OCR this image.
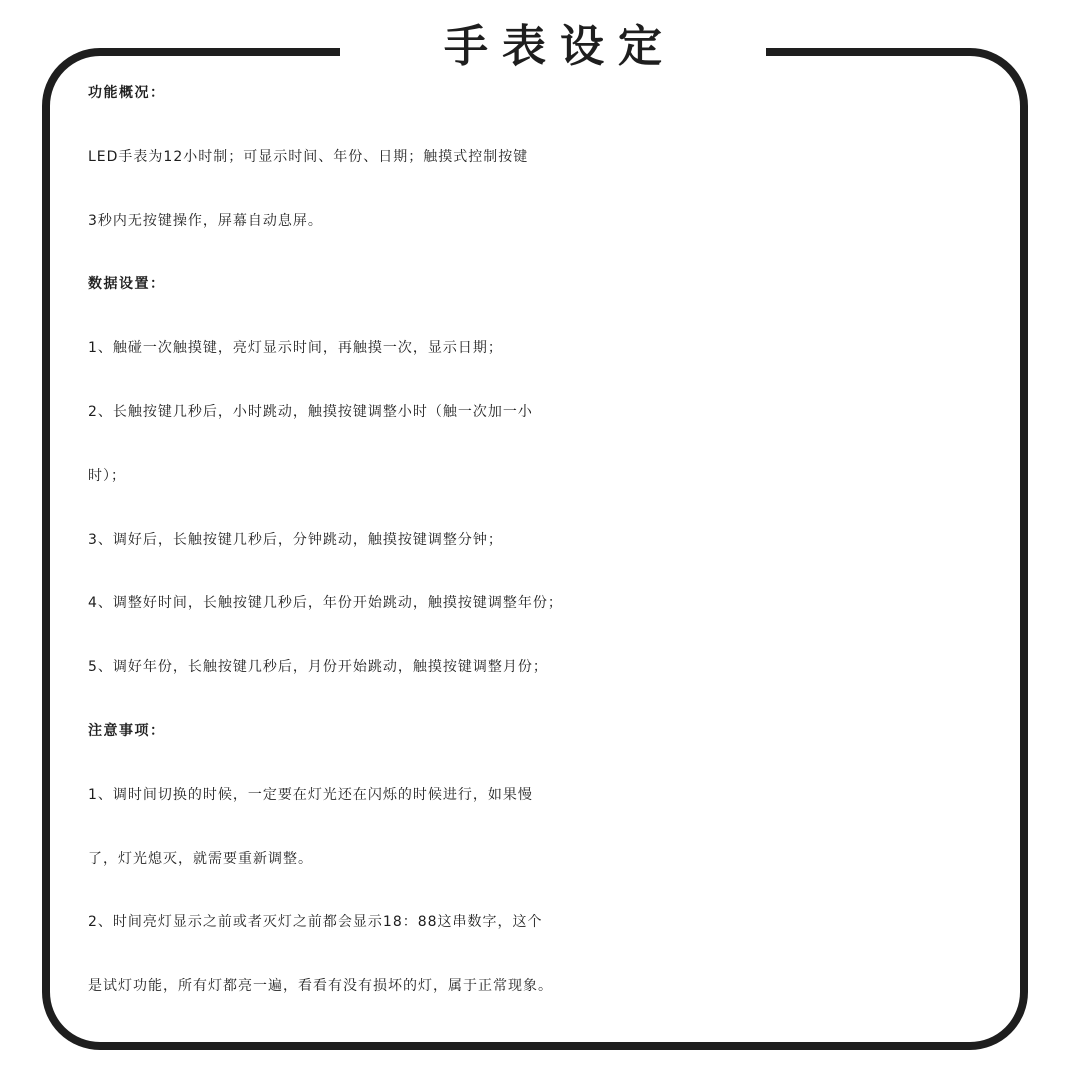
手表设定
功能概况：
LED手表为12小时制；可显示时间、年份、日期；触摸式控制按键
3秒内无按键操作，屏幕自动息屏。
数据设置：
1、触碰一次触摸键，亮灯显示时间，再触摸一次，显示日期；
2、长触按键几秒后，小时跳动，触摸按键调整小时（触一次加一小
时）；
3、调好后，长触按键几秒后，分钟跳动，触摸按键调整分钟；
4、调整好时间，长触按键几秒后，年份开始跳动，触摸按键调整年份；
5、调好年份，长触按键几秒后，月份开始跳动，触摸按键调整月份；
注意事项：
1、调时间切换的时候，一定要在灯光还在闪烁的时候进行，如果慢
了，灯光熄灭，就需要重新调整。
2、时间亮灯显示之前或者灭灯之前都会显示18：88这串数字，这个
是试灯功能，所有灯都亮一遍，看看有没有损坏的灯，属于正常现象。
